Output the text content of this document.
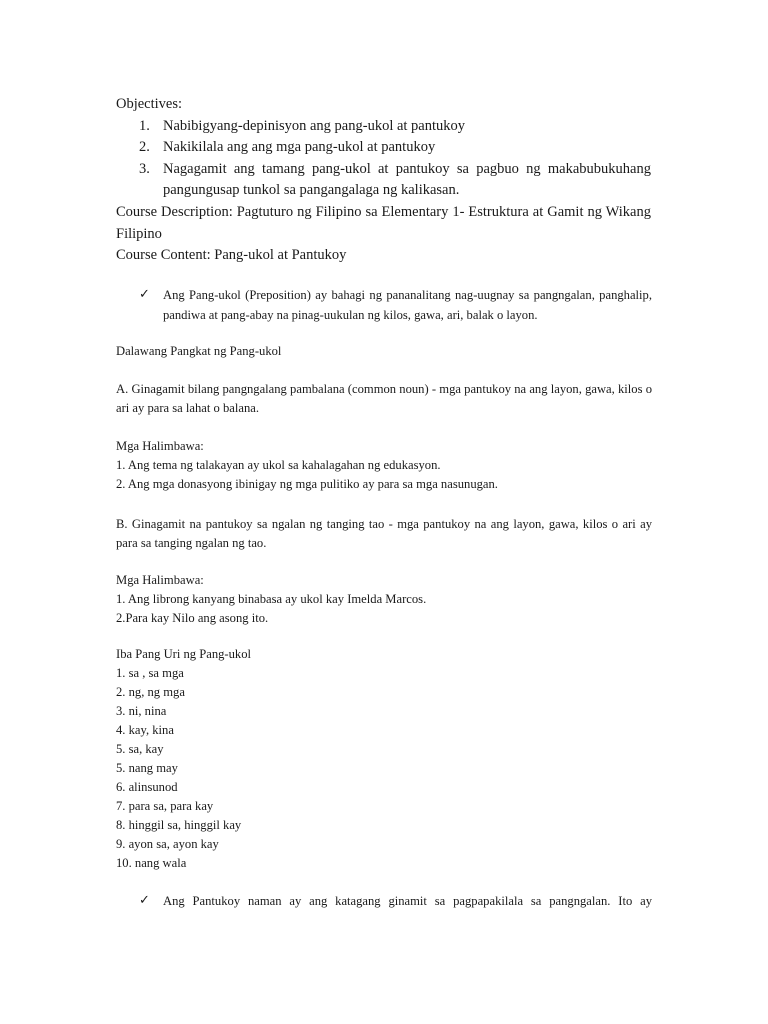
Objectives:

1. Nabibigyang-depinisyon ang pang-ukol at pantukoy
2. Nakikilala ang ang mga pang-ukol at pantukoy
3. Nagagamit ang tamang pang-ukol at pantukoy sa pagbuo ng makabubukuhang pangungusap tunkol sa pangangalaga ng kalikasan.

Course Description: Pagtuturo ng Filipino sa Elementary 1- Estruktura at Gamit ng Wikang Filipino

Course Content: Pang-ukol at Pantukoy

✓ Ang Pang-ukol (Preposition) ay bahagi ng pananalitang nag-uugnay sa pangngalan, panghalip, pandiwa at pang-abay na pinag-uukulan ng kilos, gawa, ari, balak o layon.

Dalawang Pangkat ng Pang-ukol

A. Ginagamit bilang pangngalang pambalana (common noun) - mga pantukoy na ang layon, gawa, kilos o ari ay para sa lahat o balana.

Mga Halimbawa:

1. Ang tema ng talakayan ay ukol sa kahalagahan ng edukasyon.

2. Ang mga donasyong ibinigay ng mga pulitiko ay para sa mga nasunugan.

B. Ginagamit na pantukoy sa ngalan ng tanging tao - mga pantukoy na ang layon, gawa, kilos o ari ay para sa tanging ngalan ng tao.

Mga Halimbawa:

1. Ang librong kanyang binabasa ay ukol kay Imelda Marcos.

2.Para kay Nilo ang asong ito.

Iba Pang Uri ng Pang-ukol

1. sa , sa mga

2. ng, ng mga

3. ni, nina

4. kay, kina

5. sa, kay

5. nang may

6. alinsunod

7. para sa, para kay

8. hinggil sa, hinggil kay

9. ayon sa, ayon kay

10. nang wala

✓ Ang Pantukoy naman ay ang katagang ginamit sa pagpapakilala sa pangngalan. Ito ay
